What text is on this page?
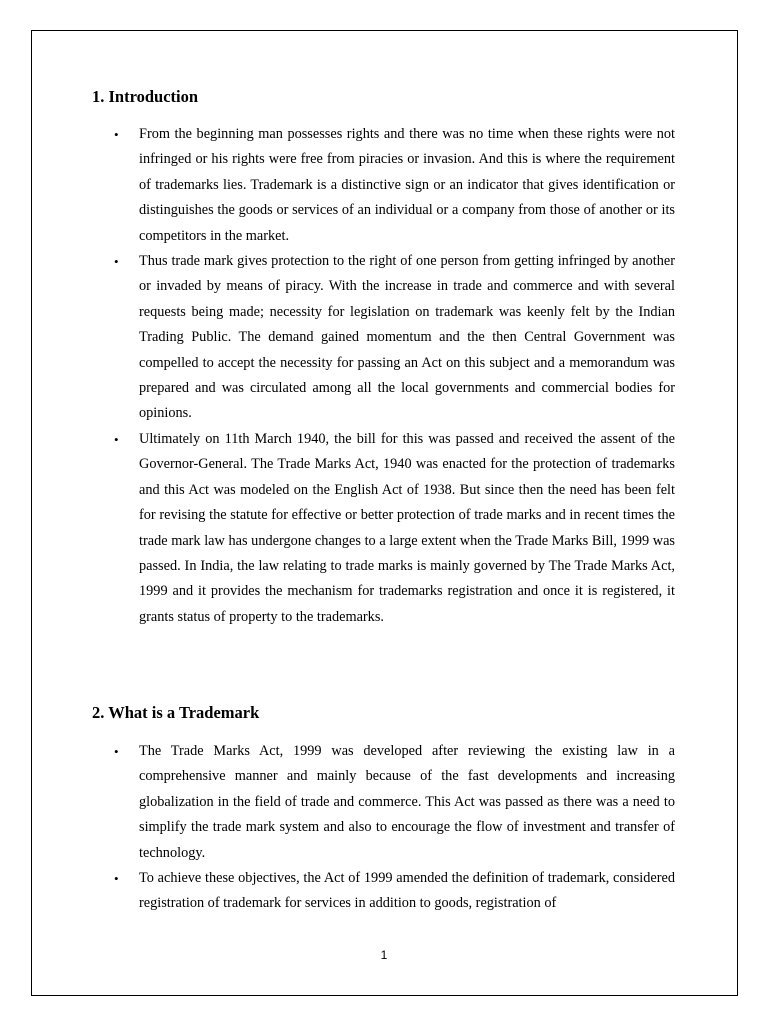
1. Introduction
• From the beginning man possesses rights and there was no time when these rights were not infringed or his rights were free from piracies or invasion. And this is where the requirement of trademarks lies. Trademark is a distinctive sign or an indicator that gives identification or distinguishes the goods or services of an individual or a company from those of another or its competitors in the market.
• Thus trade mark gives protection to the right of one person from getting infringed by another or invaded by means of piracy. With the increase in trade and commerce and with several requests being made; necessity for legislation on trademark was keenly felt by the Indian Trading Public. The demand gained momentum and the then Central Government was compelled to accept the necessity for passing an Act on this subject and a memorandum was prepared and was circulated among all the local governments and commercial bodies for opinions.
• Ultimately on 11th March 1940, the bill for this was passed and received the assent of the Governor-General. The Trade Marks Act, 1940 was enacted for the protection of trademarks and this Act was modeled on the English Act of 1938. But since then the need has been felt for revising the statute for effective or better protection of trade marks and in recent times the trade mark law has undergone changes to a large extent when the Trade Marks Bill, 1999 was passed. In India, the law relating to trade marks is mainly governed by The Trade Marks Act, 1999 and it provides the mechanism for trademarks registration and once it is registered, it grants status of property to the trademarks.
2. What is a Trademark
• The Trade Marks Act, 1999 was developed after reviewing the existing law in a comprehensive manner and mainly because of the fast developments and increasing globalization in the field of trade and commerce. This Act was passed as there was a need to simplify the trade mark system and also to encourage the flow of investment and transfer of technology.
• To achieve these objectives, the Act of 1999 amended the definition of trademark, considered registration of trademark for services in addition to goods, registration of
1
